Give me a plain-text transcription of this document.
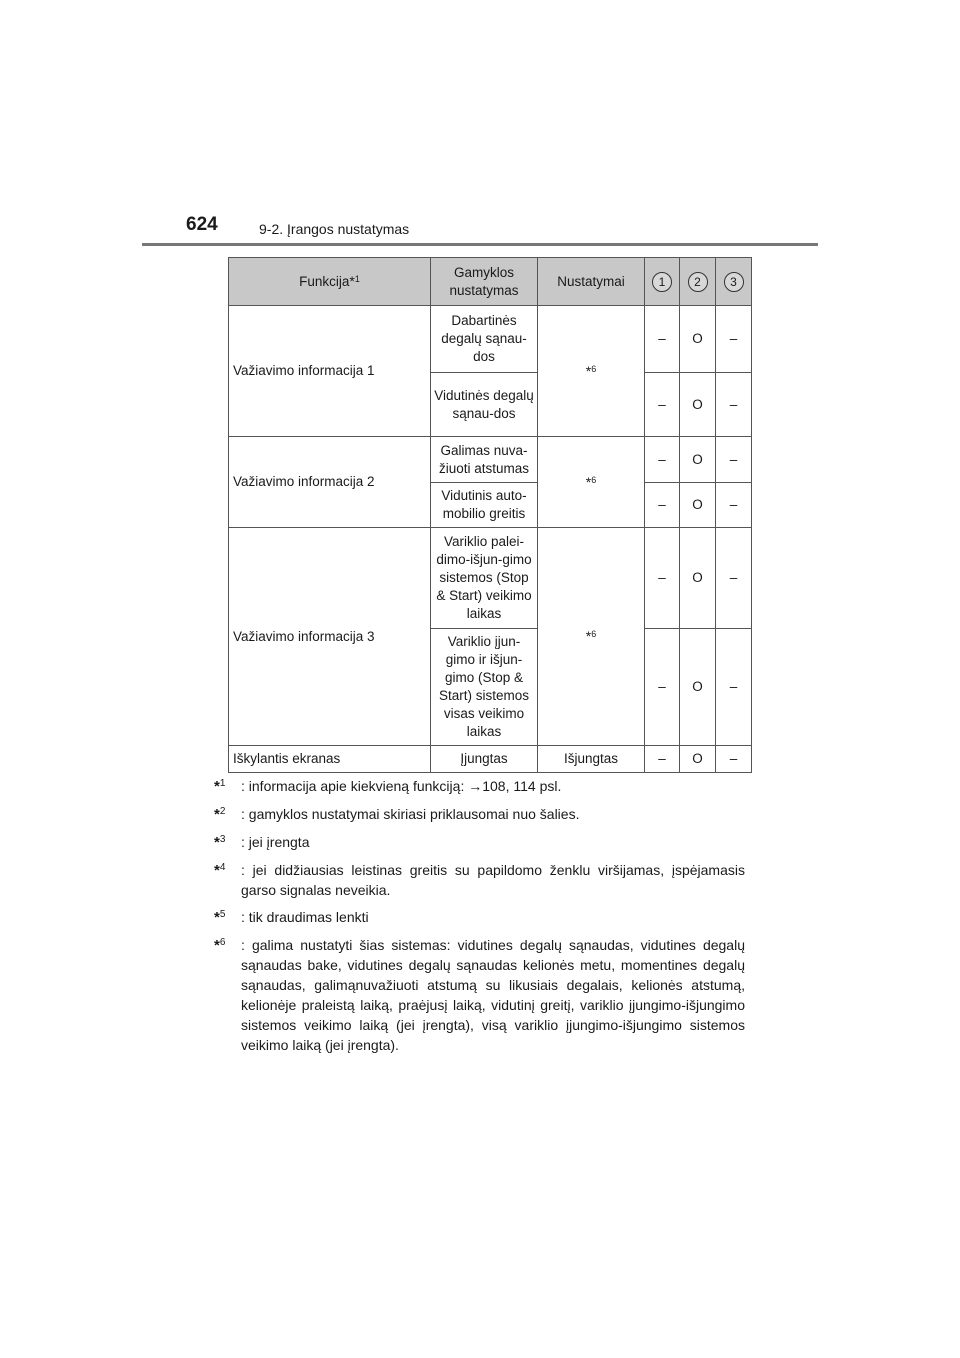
624	9-2. Įrangos nustatymas
Funkcija*$^1$	Gamyklos nustatymas	Nustatymai	1	2	3
Važiavimo informacija 1	Dabartinės degalų sąnau-dos	*$^6$	–	O	–
	Vidutinės degalų sąnau-dos		–	O	–
Važiavimo informacija 2	Galimas nuva-žiuoti atstumas	*$^6$	–	O	–
	Vidutinis auto-mobilio greitis		–	O	–
Važiavimo informacija 3	Variklio palei-dimo-išjun-gimo sistemos (Stop & Start) veikimo laikas	*$^6$	–	O	–
	Variklio įjun-gimo ir išjun-gimo (Stop & Start) sistemos visas veikimo laikas		–	O	–
Iškylantis ekranas	Įjungtas	Išjungtas	–	O	–
*$^1$	: informacija apie kiekvieną funkciją: →108, 114 psl.
*$^2$	: gamyklos nustatymai skiriasi priklausomai nuo šalies.
*$^3$	: jei įrengta
*$^4$	: jei didžiausias leistinas greitis su papildomo ženklu viršijamas, įspėjamasis garso signalas neveikia.
*$^5$	: tik draudimas lenkti
*$^6$	: galima nustatyti šias sistemas: vidutines degalų sąnaudas, vidutines degalų sąnaudas bake, vidutines degalų sąnaudas kelionės metu, momentines degalų sąnaudas, galimąnuvažiuoti atstumą su likusiais degalais, kelionės atstumą, kelionėje praleistą laiką, praėjusį laiką, vidutinį greitį, variklio įjungimo-išjungimo sistemos veikimo laiką (jei įrengta), visą variklio įjungimo-išjungimo sistemos veikimo laiką (jei įrengta).
